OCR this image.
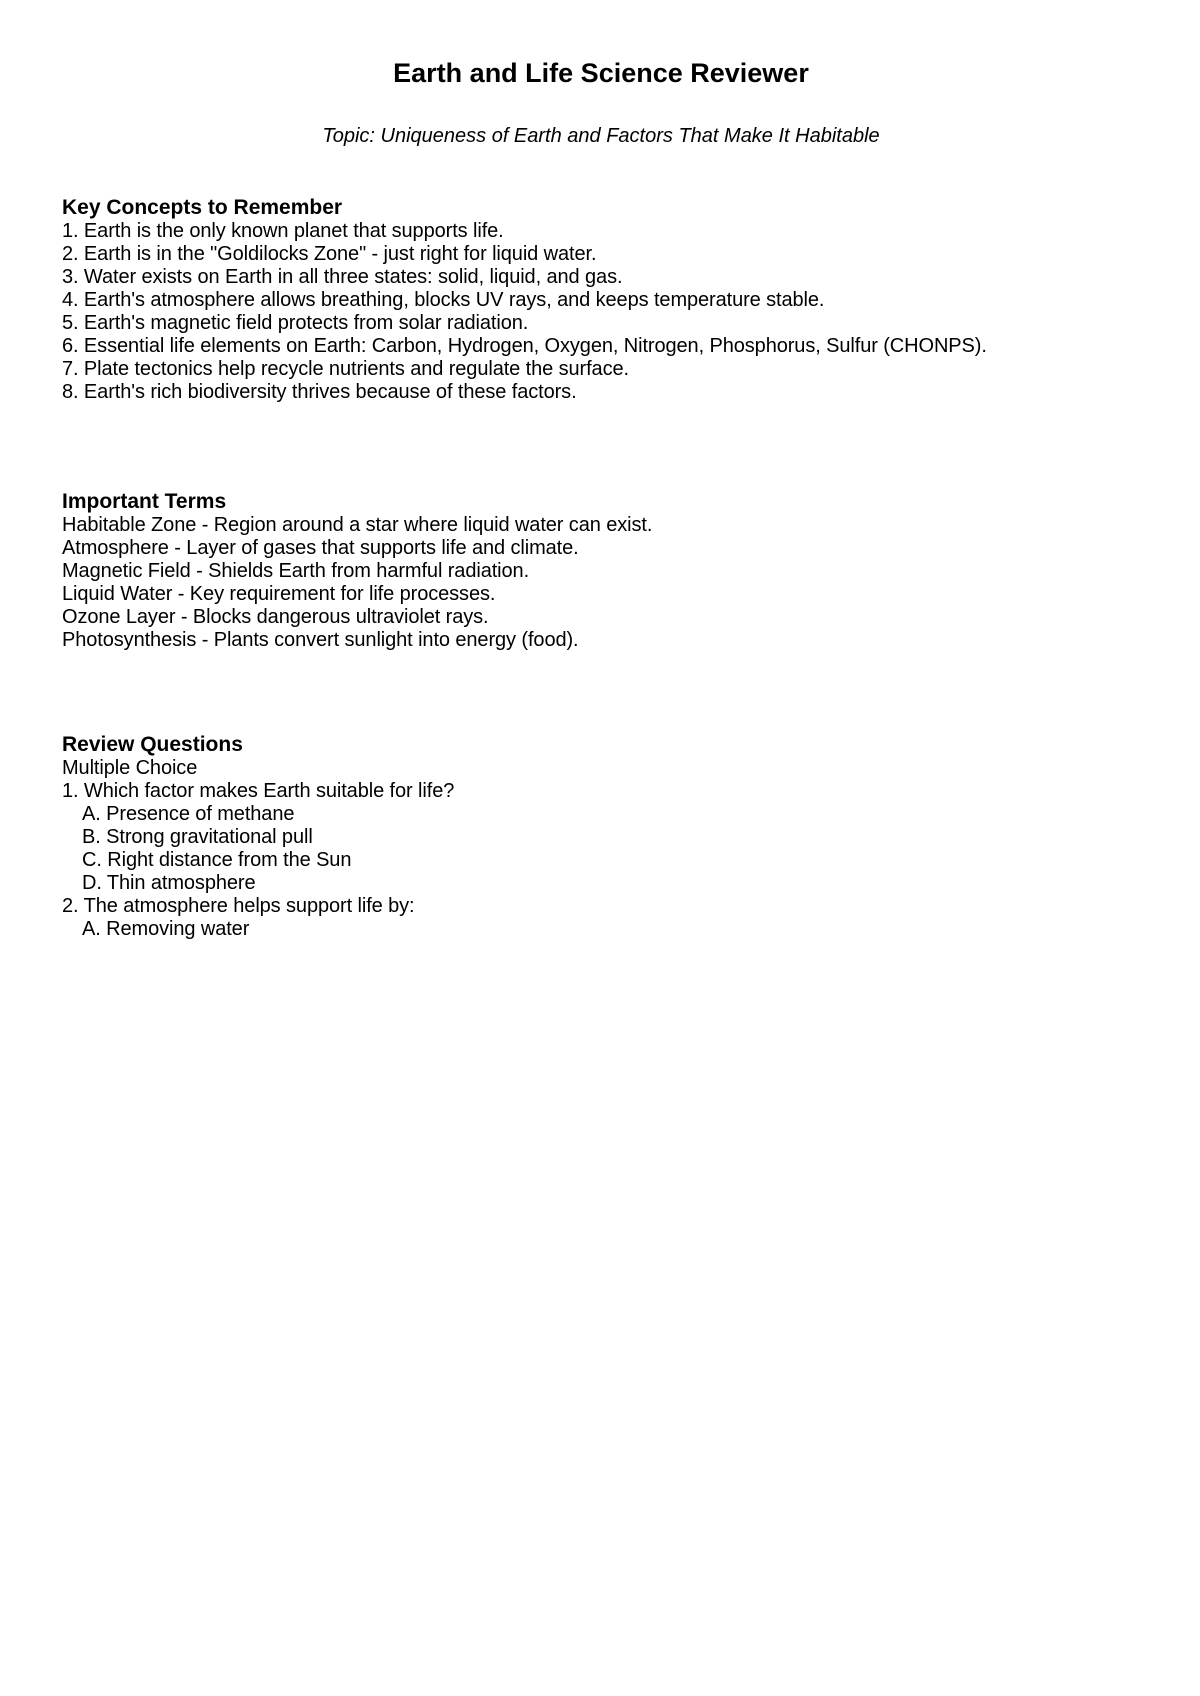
Earth and Life Science Reviewer

Topic: Uniqueness of Earth and Factors That Make It Habitable

Key Concepts to Remember

1. Earth is the only known planet that supports life.

2. Earth is in the "Goldilocks Zone" - just right for liquid water.

3. Water exists on Earth in all three states: solid, liquid, and gas.

4. Earth's atmosphere allows breathing, blocks UV rays, and keeps temperature stable.

5. Earth's magnetic field protects from solar radiation.

6. Essential life elements on Earth: Carbon, Hydrogen, Oxygen, Nitrogen, Phosphorus, Sulfur (CHONPS).

7. Plate tectonics help recycle nutrients and regulate the surface.

8. Earth's rich biodiversity thrives because of these factors.

Important Terms

Habitable Zone - Region around a star where liquid water can exist.

Atmosphere - Layer of gases that supports life and climate.

Magnetic Field - Shields Earth from harmful radiation.

Liquid Water - Key requirement for life processes.

Ozone Layer - Blocks dangerous ultraviolet rays.

Photosynthesis - Plants convert sunlight into energy (food).

Review Questions

Multiple Choice

1. Which factor makes Earth suitable for life?

A. Presence of methane

B. Strong gravitational pull

C. Right distance from the Sun

D. Thin atmosphere

2. The atmosphere helps support life by:

A. Removing water
